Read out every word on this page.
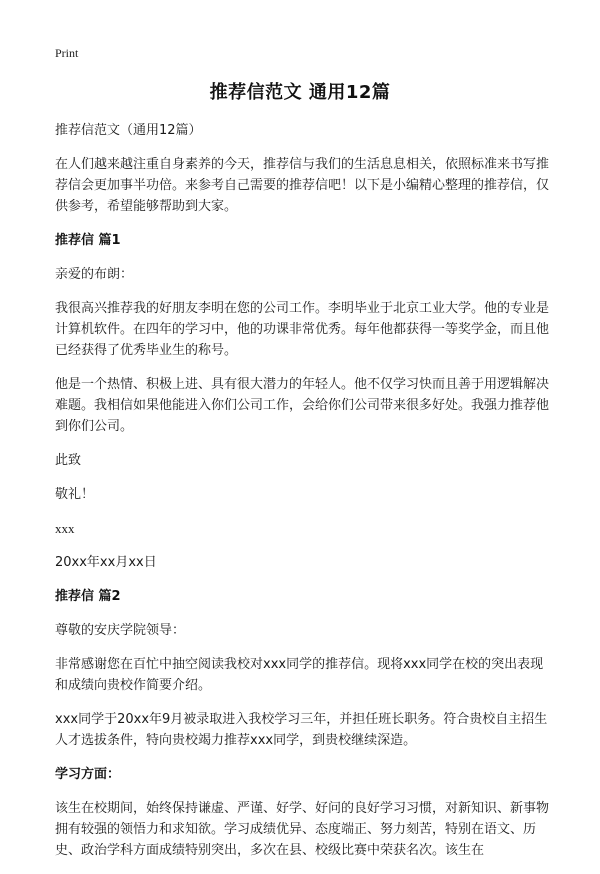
Print
推荐信范文 通用12篇
推荐信范文（通用12篇）
在人们越来越注重自身素养的今天，推荐信与我们的生活息息相关，依照标准来书写推荐信会更加事半功倍。来参考自己需要的推荐信吧！以下是小编精心整理的推荐信，仅供参考，希望能够帮助到大家。
推荐信 篇1
亲爱的布朗：
我很高兴推荐我的好朋友李明在您的公司工作。李明毕业于北京工业大学。他的专业是计算机软件。在四年的学习中，他的功课非常优秀。每年他都获得一等奖学金，而且他已经获得了优秀毕业生的称号。
他是一个热情、积极上进、具有很大潜力的年轻人。他不仅学习快而且善于用逻辑解决难题。我相信如果他能进入你们公司工作，会给你们公司带来很多好处。我强力推荐他到你们公司。
此致
敬礼！
xxx
20xx年xx月xx日
推荐信 篇2
尊敬的安庆学院领导：
非常感谢您在百忙中抽空阅读我校对xxx同学的推荐信。现将xxx同学在校的突出表现和成绩向贵校作简要介绍。
xxx同学于20xx年9月被录取进入我校学习三年，并担任班长职务。符合贵校自主招生人才选拔条件，特向贵校竭力推荐xxx同学，到贵校继续深造。
学习方面：
该生在校期间，始终保持谦虚、严谨、好学、好问的良好学习习惯，对新知识、新事物拥有较强的领悟力和求知欲。学习成绩优异、态度端正、努力刻苦，特别在语文、历史、政治学科方面成绩特别突出，多次在县、校级比赛中荣获名次。该生在
